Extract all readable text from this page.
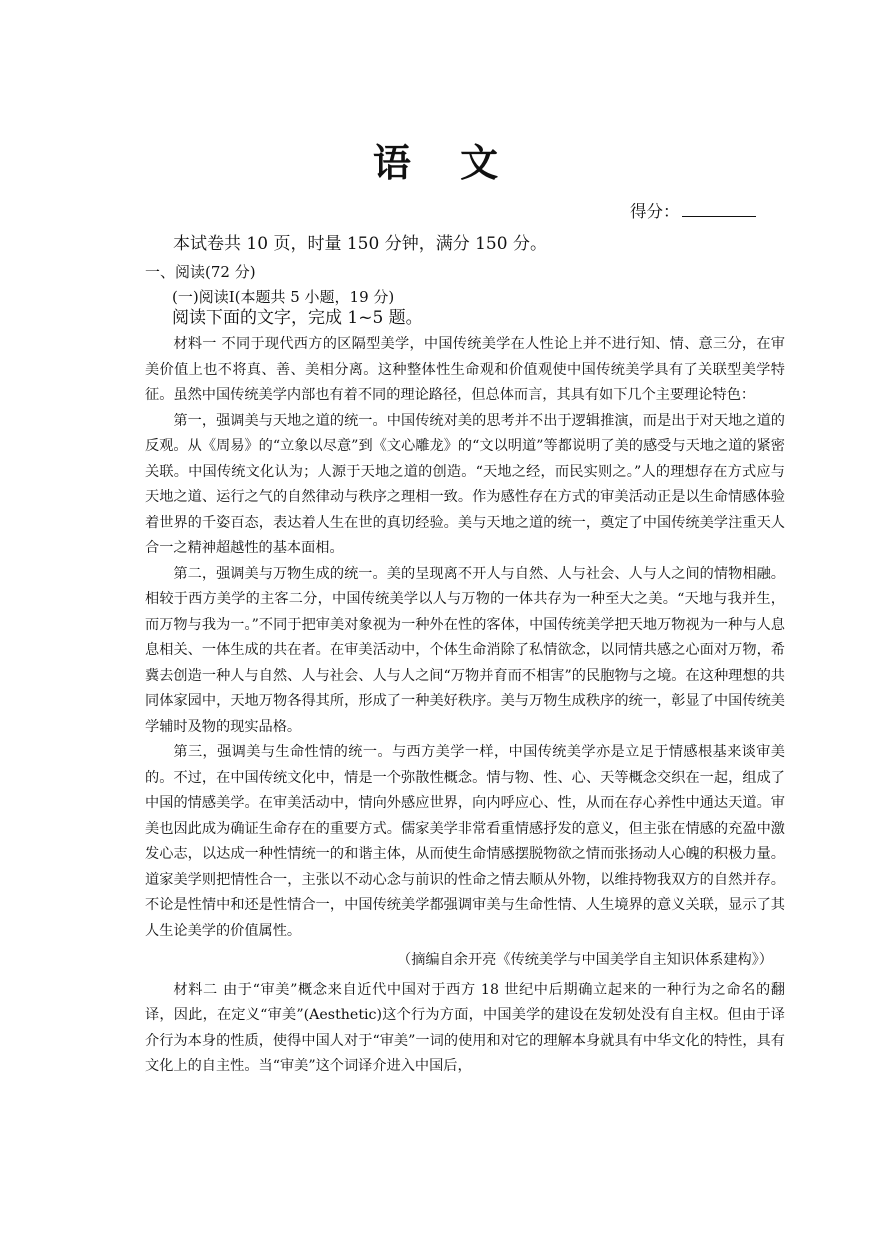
语 文
得分：
本试卷共 10 页，时量 150 分钟，满分 150 分。
一、阅读(72 分)
(一)阅读Ⅰ(本题共 5 小题，19 分)
阅读下面的文字，完成 1~5 题。

材料一 不同于现代西方的区隔型美学，中国传统美学在人性论上并不进行知、情、意三分，在审美价值上也不将真、善、美相分离。这种整体性生命观和价值观使中国传统美学具有了关联型美学特征。虽然中国传统美学内部也有着不同的理论路径，但总体而言，其具有如下几个主要理论特色：

第一，强调美与天地之道的统一。中国传统对美的思考并不出于逻辑推演，而是出于对天地之道的反观。从《周易》的“立象以尽意”到《文心雕龙》的“文以明道”等都说明了美的感受与天地之道的紧密关联。中国传统文化认为；人源于天地之道的创造。“天地之经，而民实则之。”人的理想存在方式应与天地之道、运行之气的自然律动与秩序之理相一致。作为感性存在方式的审美活动正是以生命情感体验着世界的千姿百态，表达着人生在世的真切经验。美与天地之道的统一，奠定了中国传统美学注重天人合一之精神超越性的基本面相。

第二，强调美与万物生成的统一。美的呈现离不开人与自然、人与社会、人与人之间的情物相融。相较于西方美学的主客二分，中国传统美学以人与万物的一体共存为一种至大之美。“天地与我并生，而万物与我为一。”不同于把审美对象视为一种外在性的客体，中国传统美学把天地万物视为一种与人息息相关、一体生成的共在者。在审美活动中，个体生命消除了私情欲念，以同情共感之心面对万物，希冀去创造一种人与自然、人与社会、人与人之间“万物并育而不相害”的民胞物与之境。在这种理想的共同体家园中，天地万物各得其所，形成了一种美好秩序。美与万物生成秩序的统一，彰显了中国传统美学辅时及物的现实品格。

第三，强调美与生命性情的统一。与西方美学一样，中国传统美学亦是立足于情感根基来谈审美的。不过，在中国传统文化中，情是一个弥散性概念。情与物、性、心、天等概念交织在一起，组成了中国的情感美学。在审美活动中，情向外感应世界，向内呼应心、性，从而在存心养性中通达天道。审美也因此成为确证生命存在的重要方式。儒家美学非常看重情感抒发的意义，但主张在情感的充盈中激发心志，以达成一种性情统一的和谐主体，从而使生命情感摆脱物欲之情而张扬动人心魄的积极力量。道家美学则把情性合一，主张以不动心念与前识的性命之情去顺从外物，以维持物我双方的自然并存。不论是性情中和还是性情合一，中国传统美学都强调审美与生命性情、人生境界的意义关联，显示了其人生论美学的价值属性。

（摘编自余开亮《传统美学与中国美学自主知识体系建构》）

材料二 由于“审美”概念来自近代中国对于西方 18 世纪中后期确立起来的一种行为之命名的翻译，因此，在定义“审美”(Aesthetic)这个行为方面，中国美学的建设在发轫处没有自主权。但由于译介行为本身的性质，使得中国人对于“审美”一词的使用和对它的理解本身就具有中华文化的特性，具有文化上的自主性。当“审美”这个词译介进入中国后，
